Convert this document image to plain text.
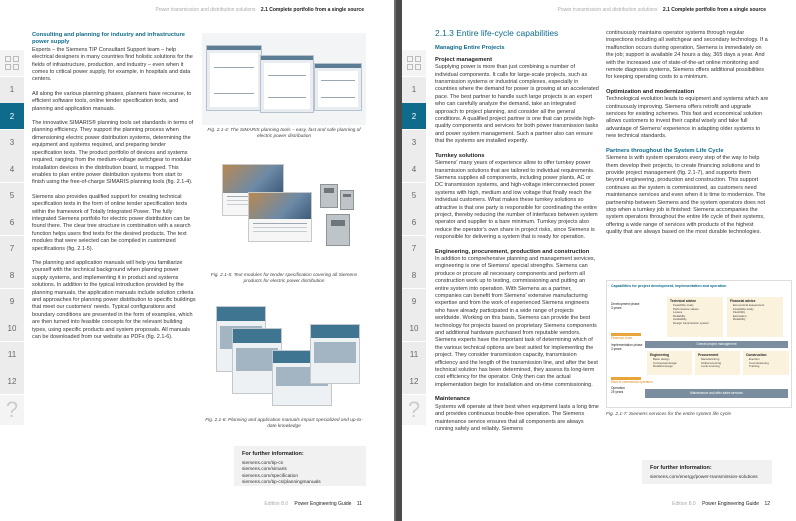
Power transmission and distribution solutions 2.1 Complete portfolio from a single source
1
2
3
4
5
6
7
8
9
10
11
12
?

Consulting and planning for industry and infrastructure power supply

Experts – the Siemens TIP Consultant Support team – help electrical designers in many countries find holistic solutions for the fields of infrastructure, production, and industry – even when it comes to critical power supply, for example, in hospitals and data centers.

All along the various planning phases, planners have recourse, to efficient software tools, online tender specification texts, and planning and application manuals.

The innovative SIMARIS® planning tools set standards in terms of planning efficiency. They support the planning process when dimensioning electric power distribution systems, determining the equipment and systems required, and preparing tender specification texts. The product portfolio of devices and systems required, ranging from the medium-voltage switchgear to modular installation devices in the distribution board, is mapped. This enables to plan entire power distribution systems from start to finish using the free-of-charge SIMARIS planning tools (fig. 2.1-4).

Siemens also provides qualified support for creating technical specification texts in the form of online tender specification texts within the framework of Totally Integrated Power. The fully integrated Siemens portfolio for electric power distribution can be found there. The clear tree structure in combination with a search function helps users find texts for the desired products. The text modules that were selected can be compiled in customized specifications (fig. 2.1-5).

The planning and application manuals will help you familiarize yourself with the technical background when planning power supply systems, and implementing it in product and systems solutions. In addition to the typical introduction provided by the planning manuals, the application manuals include solution criteria and approaches for planning power distribution to specific buildings that meet our customers' needs. Typical configurations and boundary conditions are presented in the form of examples, which are then turned into feasible concepts for the relevant building types, using specific products and system proposals. All manuals can be downloaded from our website as PDFs (fig. 2.1-6).

Fig. 2.1-4: The SIMARIS planning tools – easy, fast and safe planning of electric power distribution
Fig. 2.1-5: Text modules for tender specification covering all Siemens products for electric power distribution
Fig. 2.1-6: Planning and application manuals impart specialized and up-to-date knowledge
For further information:
siemens.com/tip-cs
siemens.com/simaris
siemens.com/specification
siemens.com/tip-cs/planningmanuals
Edition 8.0 Power Engineering Guide 11
Power transmission and distribution solutions 2.1 Complete portfolio from a single source
1
2
3
4
5
6
7
8
9
10
11
12
?
2.1.3 Entire life-cycle capabilities

Managing Entire Projects

Project management

Supplying power is more than just combining a number of individual components. It calls for large-scale projects, such as transmission systems or industrial complexes, especially in countries where the demand for power is growing at an accelerated pace. The best partner to handle such large projects is an expert who can carefully analyze the demand, take an integrated approach to project planning, and consider all the general conditions. A qualified project partner is one that can provide high-quality components and services for both power transmission tasks and power system management. Such a partner also can ensure that the systems are installed expertly.

Turnkey solutions

Siemens' many years of experience allow to offer turnkey power transmission solutions that are tailored to individual requirements. Siemens supplies all components, including power plants, AC or DC transmission systems, and high-voltage interconnected power systems with high, medium and low voltage that finally reach the individual customers. What makes these turnkey solutions so attractive is that one party is responsible for coordinating the entire project, thereby reducing the number of interfaces between system operator and supplier to a bare minimum. Turnkey projects also reduce the operator's own share in project risks, since Siemens is responsible for delivering a system that is ready for operation.

Engineering, procurement, production and construction

In addition to comprehensive planning and management services, engineering is one of Siemens' special strengths. Siemens can produce or procure all necessary components and perform all construction work up to testing, commissioning and putting an entire system into operation. With Siemens as a partner, companies can benefit from Siemens' extensive manufacturing expertise and from the work of experienced Siemens engineers who have already participated in a wide range of projects worldwide. Working on this basis, Siemens can provide the best technology for projects based on proprietary Siemens components and additional hardware purchased from reputable vendors. Siemens experts have the important task of determining which of the various technical options are best suited for implementing the project. They consider transmission capacity, transmission efficiency and the length of the transmission line, and after the best technical solution has been determined, they assess its long-term cost efficiency for the operator. Only then can the actual implementation begin for installation and on-time commissioning.

Maintenance

Systems will operate at their best when equipment lasts a long time and provides continuous trouble-free operation. The Siemens maintenance service ensures that all components are always running safely and reliably. Siemens

continuously maintains operator systems through regular inspections including all switchgear and secondary technology. If a malfunction occurs during operation, Siemens is immediately on the job; support is available 24 hours a day, 365 days a year. And with the increased use of state-of-the-art online monitoring and remote diagnosis systems, Siemens offers additional possibilities for keeping operating costs to a minimum.

Optimization and modernization

Technological evolution leads to equipment and systems which are continuously improving. Siemens offers retrofit and upgrade services for existing schemes. This fast and economical solution allows customers to invest their capital wisely and take full advantage of Siemens' experience in adapting older systems to new technical standards.

Partners throughout the System Life Cycle

Siemens is with system operators every step of the way to help them develop their projects, to create financing solutions and to provide project management (fig. 2.1-7), and supports them beyond engineering, production and construction. This support continues as the system is commissioned, as customers need maintenance services and even when it is time to modernize. The partnership between Siemens and the system operators does not stop when a turnkey job is finished: Siemens accompanies the system operators throughout the entire life cycle of their systems, offering a wide range of services with products of the highest quality that are always based on the most durable technologies.

Capabilities for project development, implementation and operation
Development phase
3 years
Financial close
Implementation phase
3 years
Start of commercial operation
Operation
25 years
Technical advice
Feasibility study
Performance values
Losses
Reliability
Availability
Design transmission system
Financial advice
Economical assessment
Feasibility study
Flexibility
Estimation
Reliability
Overall project management
Engineering
Basic design
Conceptual design
Detailed design
Procurement
Manufacturing
Global sourcing
Local sourcing
Construction
Erection
Commissioning
Training
Maintenance and after-sales services
Fig. 2.1-7: Siemens services for the entire system life cycle
For further information:
siemens.com/energy/power-transmission-solutions
Edition 8.0 Power Engineering Guide 12
